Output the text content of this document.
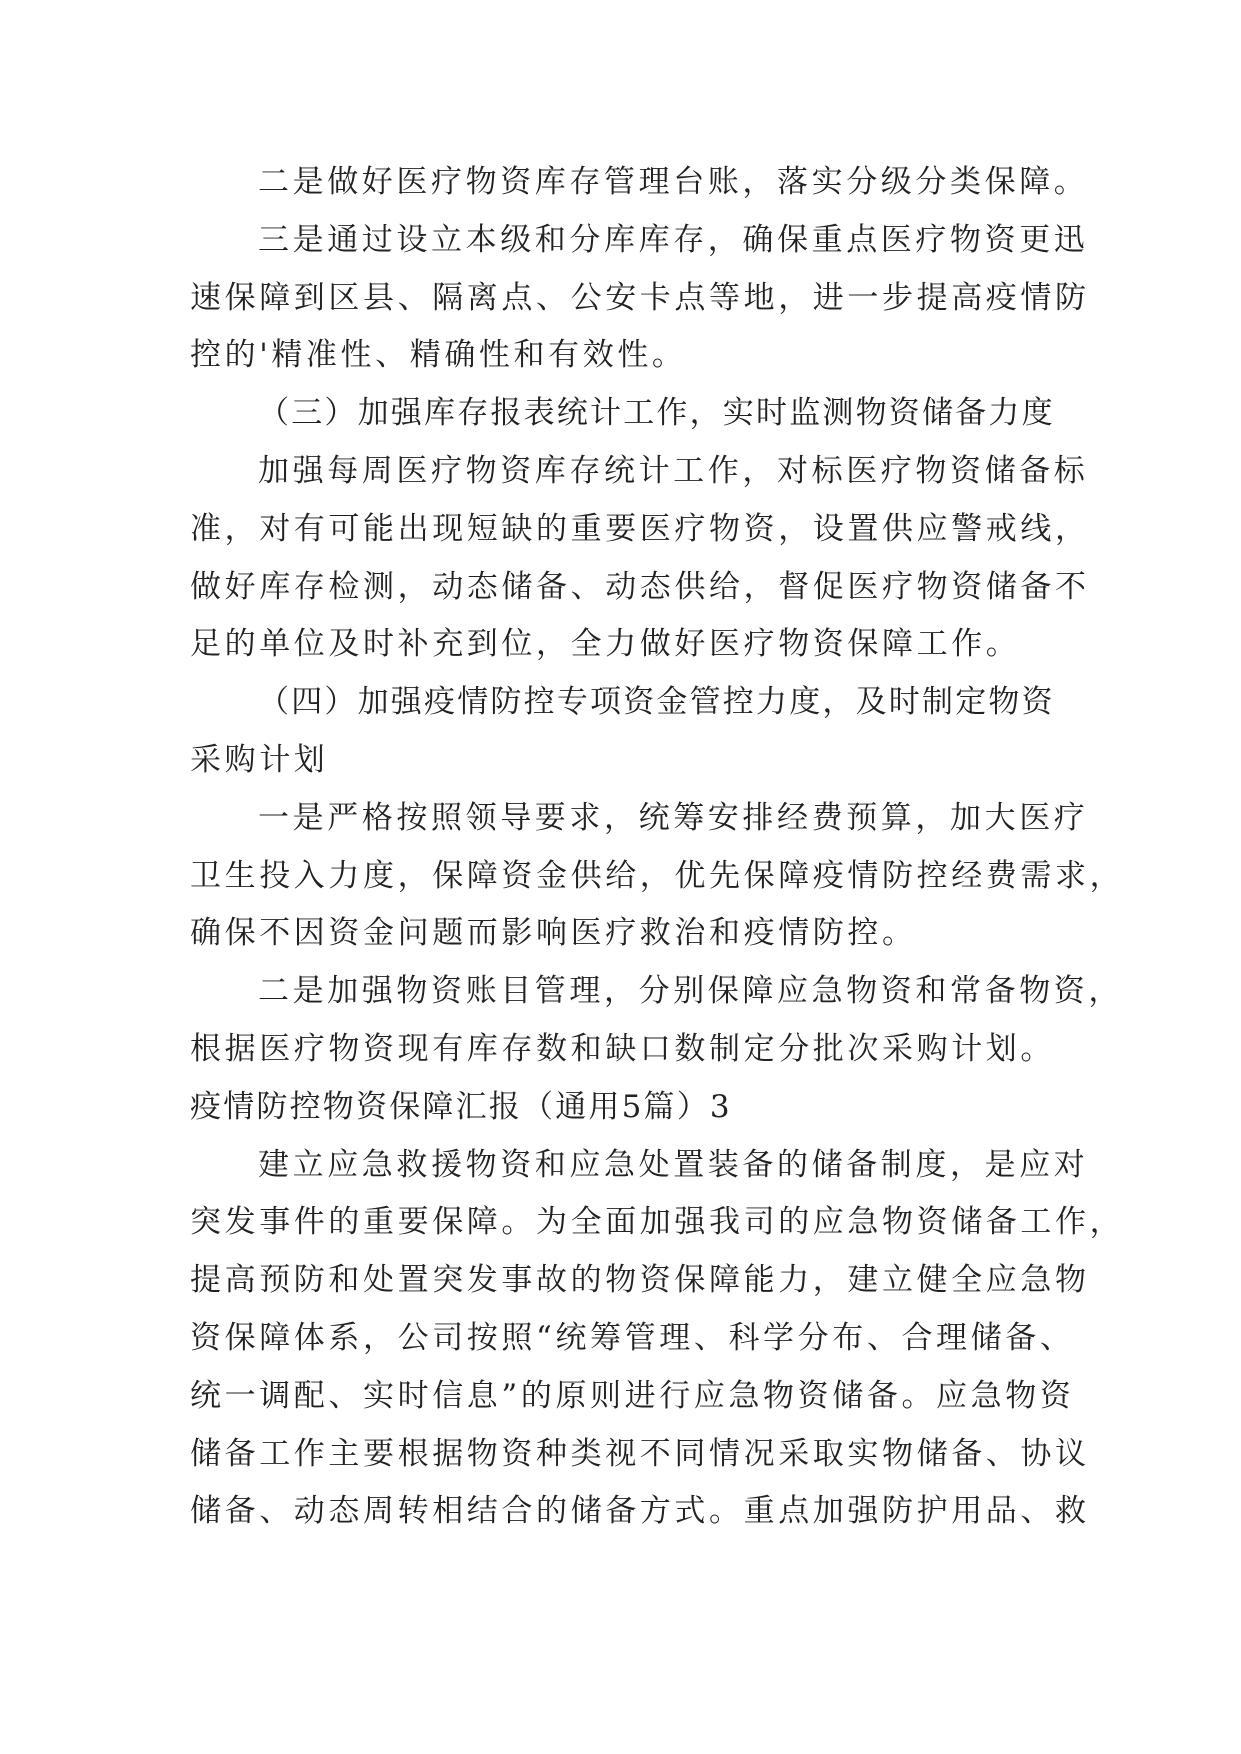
二是做好医疗物资库存管理台账，落实分级分类保障。
三是通过设立本级和分库库存，确保重点医疗物资更迅
速保障到区县、隔离点、公安卡点等地，进一步提高疫情防
控的'精准性、精确性和有效性。
（三）加强库存报表统计工作，实时监测物资储备力度
加强每周医疗物资库存统计工作，对标医疗物资储备标
准，对有可能出现短缺的重要医疗物资，设置供应警戒线，
做好库存检测，动态储备、动态供给，督促医疗物资储备不
足的单位及时补充到位，全力做好医疗物资保障工作。
（四）加强疫情防控专项资金管控力度，及时制定物资
采购计划
一是严格按照领导要求，统筹安排经费预算，加大医疗
卫生投入力度，保障资金供给，优先保障疫情防控经费需求，
确保不因资金问题而影响医疗救治和疫情防控。
二是加强物资账目管理，分别保障应急物资和常备物资，
根据医疗物资现有库存数和缺口数制定分批次采购计划。
疫情防控物资保障汇报（通用5篇）3
建立应急救援物资和应急处置装备的储备制度，是应对
突发事件的重要保障。为全面加强我司的应急物资储备工作，
提高预防和处置突发事故的物资保障能力，建立健全应急物
资保障体系，公司按照“统筹管理、科学分布、合理储备、
统一调配、实时信息”的原则进行应急物资储备。应急物资
储备工作主要根据物资种类视不同情况采取实物储备、协议
储备、动态周转相结合的储备方式。重点加强防护用品、救
